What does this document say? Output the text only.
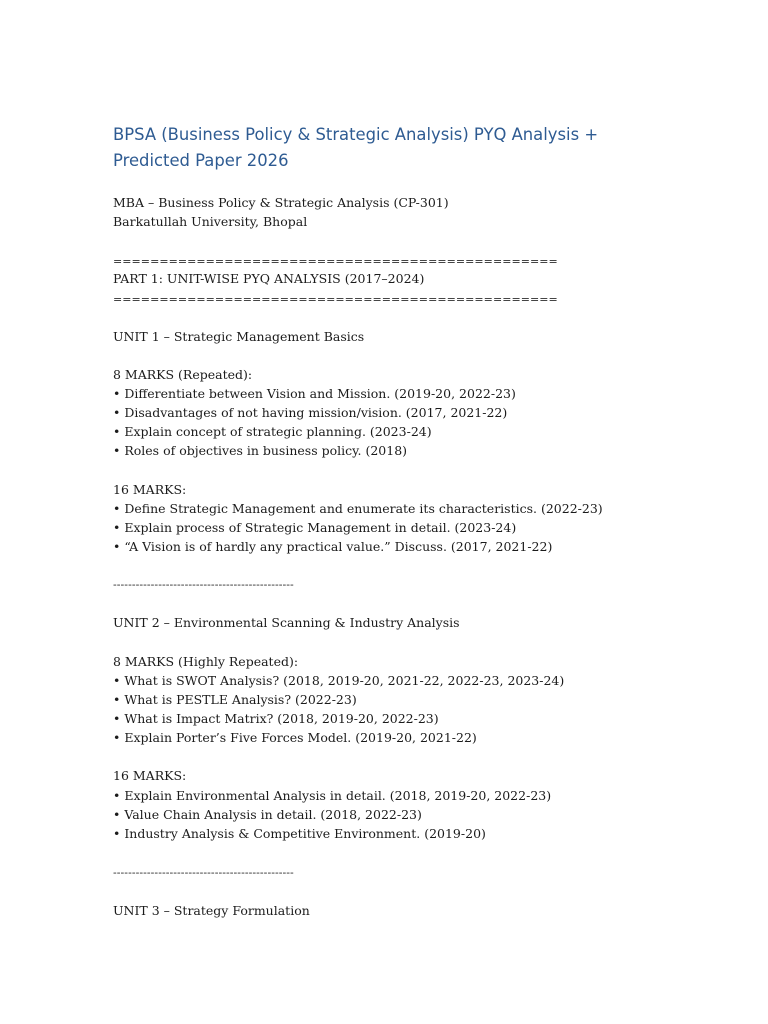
BPSA (Business Policy & Strategic Analysis) PYQ Analysis + Predicted Paper 2026

MBA – Business Policy & Strategic Analysis (CP-301)

Barkatullah University, Bhopal

================================================

PART 1: UNIT-WISE PYQ ANALYSIS (2017–2024)

================================================

UNIT 1 – Strategic Management Basics

8 MARKS (Repeated):

• Differentiate between Vision and Mission. (2019-20, 2022-23)

• Disadvantages of not having mission/vision. (2017, 2021-22)

• Explain concept of strategic planning. (2023-24)

• Roles of objectives in business policy. (2018)

16 MARKS:

• Define Strategic Management and enumerate its characteristics. (2022-23)

• Explain process of Strategic Management in detail. (2023-24)

• “A Vision is of hardly any practical value.” Discuss. (2017, 2021-22)

------------------------------------------------

UNIT 2 – Environmental Scanning & Industry Analysis

8 MARKS (Highly Repeated):

• What is SWOT Analysis? (2018, 2019-20, 2021-22, 2022-23, 2023-24)

• What is PESTLE Analysis? (2022-23)

• What is Impact Matrix? (2018, 2019-20, 2022-23)

• Explain Porter’s Five Forces Model. (2019-20, 2021-22)

16 MARKS:

• Explain Environmental Analysis in detail. (2018, 2019-20, 2022-23)

• Value Chain Analysis in detail. (2018, 2022-23)

• Industry Analysis & Competitive Environment. (2019-20)

------------------------------------------------

UNIT 3 – Strategy Formulation
